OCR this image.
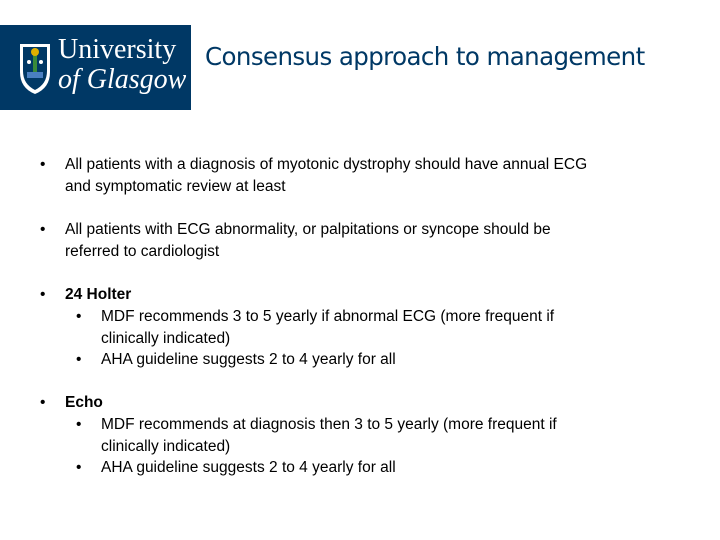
University
of Glasgow
Consensus approach to management
• All patients with a diagnosis of myotonic dystrophy should have annual ECG
and symptomatic review at least
• All patients with ECG abnormality, or palpitations or syncope should be
referred to cardiologist
• 24 Holter
• MDF recommends 3 to 5 yearly if abnormal ECG (more frequent if
clinically indicated)
• AHA guideline suggests 2 to 4 yearly for all
• Echo
• MDF recommends at diagnosis then 3 to 5 yearly (more frequent if
clinically indicated)
• AHA guideline suggests 2 to 4 yearly for all
